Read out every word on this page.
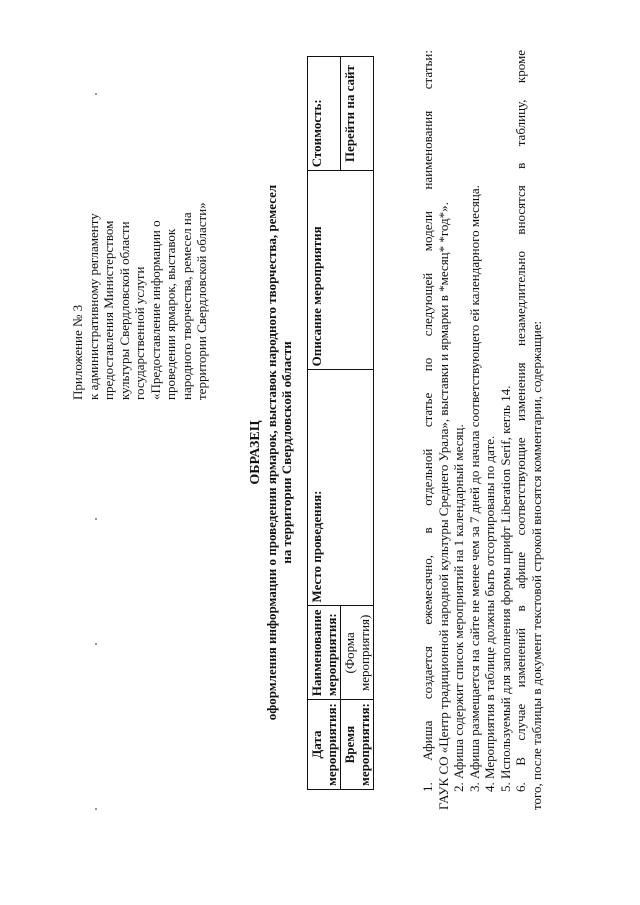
Приложение № 3 к административному регламенту предоставления Министерством культуры Свердловской области государственной услуги «Предоставление информации о проведении ярмарок, выставок народного творчества, ремесел на территории Свердловской области»
ОБРАЗЕЦ оформления информации о проведении ярмарок, выставок народного творчества, ремесел на территории Свердловской области
Дата мероприятия:	Наименование мероприятия:	Место проведения:	Описание мероприятия	Стоимость:
Время мероприятия:	(Форма мероприятия)			Перейти на сайт	1. Афиша создается ежемесячно, в отдельной статье по следующей модели наименования статьи: ГАУК СО «Центр традиционной народной культуры Среднего Урала», выставки и ярмарки в *месяц* *год*». 2. Афиша содержит список мероприятий на 1 календарный месяц. 3. Афиша размещается на сайте не менее чем за 7 дней до начала соответствующего ей календарного месяца. 4. Мероприятия в таблице должны быть отсортированы по дате. 5. Используемый для заполнения формы шрифт Liberation Serif, кегль 14. 6. В случае изменений в афише соответствующие изменения незамедлительно вносятся в таблицу, кроме того, после таблицы в документ текстовой строкой вносятся комментарии, содержащие:
